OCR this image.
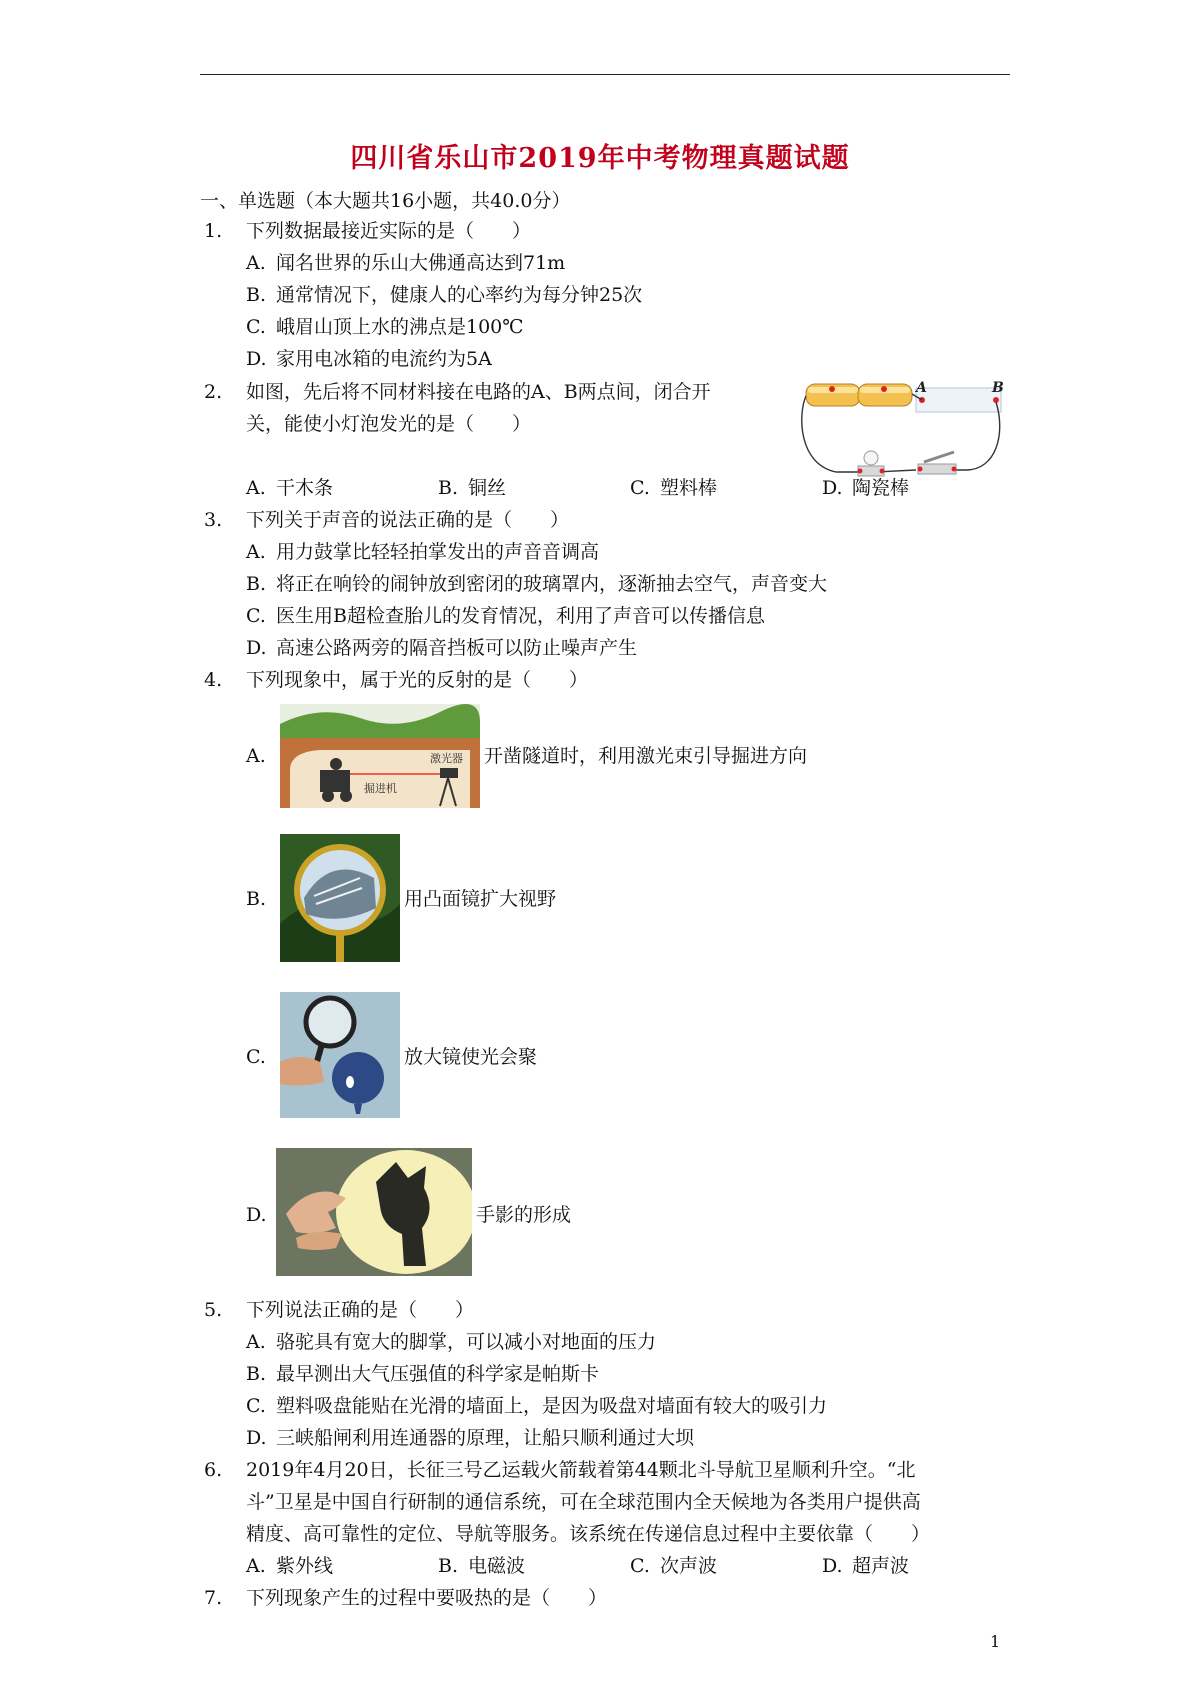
四川省乐山市2019年中考物理真题试题
一、单选题（本大题共16小题，共40.0分）
1. 下列数据最接近实际的是（　　）
A. 闻名世界的乐山大佛通高达到71m
B. 通常情况下，健康人的心率约为每分钟25次
C. 峨眉山顶上水的沸点是100℃
D. 家用电冰箱的电流约为5A
2. 如图，先后将不同材料接在电路的A、B两点间，闭合开
关，能使小灯泡发光的是（　　）
A	B
A. 干木条	B. 铜丝	C. 塑料棒	D. 陶瓷棒
3. 下列关于声音的说法正确的是（　　）
A. 用力鼓掌比轻轻拍掌发出的声音音调高
B. 将正在响铃的闹钟放到密闭的玻璃罩内，逐渐抽去空气，声音变大
C. 医生用B超检查胎儿的发育情况，利用了声音可以传播信息
D. 高速公路两旁的隔音挡板可以防止噪声产生
4. 下列现象中，属于光的反射的是（　　）
A.	激光器
掘进机
开凿隧道时，利用激光束引导掘进方向
B.	用凸面镜扩大视野
C.	放大镜使光会聚
D.	手影的形成
5. 下列说法正确的是（　　）
A. 骆驼具有宽大的脚掌，可以减小对地面的压力
B. 最早测出大气压强值的科学家是帕斯卡
C. 塑料吸盘能贴在光滑的墙面上，是因为吸盘对墙面有较大的吸引力
D. 三峡船闸利用连通器的原理，让船只顺利通过大坝
6. 2019年4月20日，长征三号乙运载火箭载着第44颗北斗导航卫星顺利升空。“北
斗”卫星是中国自行研制的通信系统，可在全球范围内全天候地为各类用户提供高
精度、高可靠性的定位、导航等服务。该系统在传递信息过程中主要依靠（　　）
A. 紫外线	B. 电磁波	C. 次声波	D. 超声波
7. 下列现象产生的过程中要吸热的是（　　）
1
